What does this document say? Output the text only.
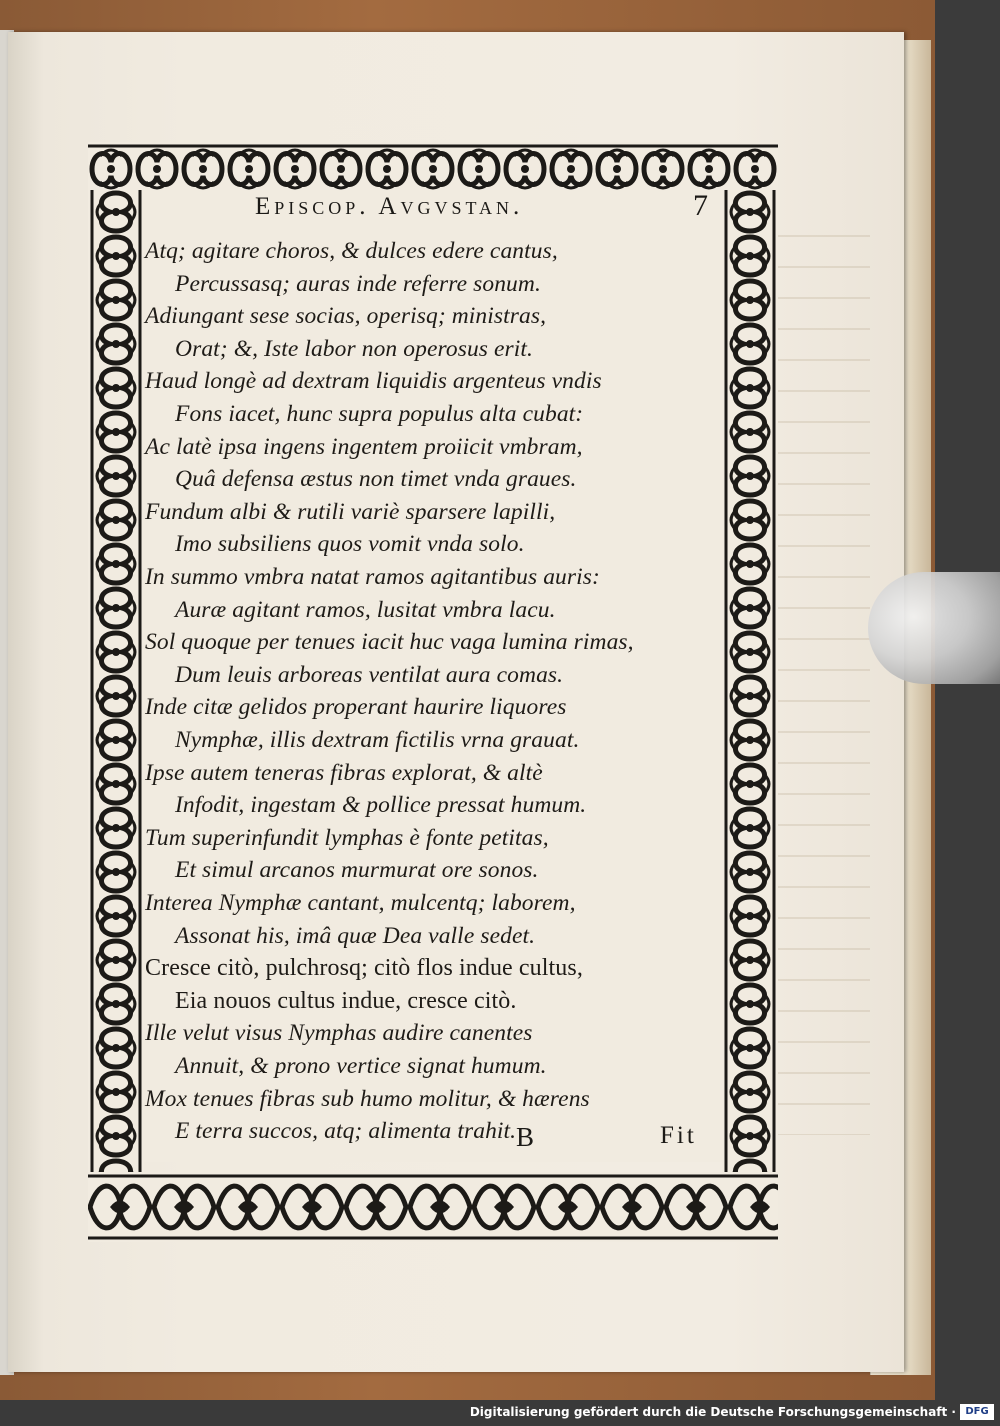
Episcop. Avgvstan.	7
Atq; agitare choros, & dulces edere cantus,
Percussasq; auras inde referre sonum.
Adiungant sese socias, operisq; ministras,
Orat; &, Iste labor non operosus erit.
Haud longè ad dextram liquidis argenteus vndis
Fons iacet, hunc supra populus alta cubat:
Ac latè ipsa ingens ingentem proiicit vmbram,
Quâ defensa æstus non timet vnda graues.
Fundum albi & rutili variè sparsere lapilli,
Imo subsiliens quos vomit vnda solo.
In summo vmbra natat ramos agitantibus auris:
Auræ agitant ramos, lusitat vmbra lacu.
Sol quoque per tenues iacit huc vaga lumina rimas,
Dum leuis arboreas ventilat aura comas.
Inde citæ gelidos properant haurire liquores
Nymphæ, illis dextram fictilis vrna grauat.
Ipse autem teneras fibras explorat, & altè
Infodit, ingestam & pollice pressat humum.
Tum superinfundit lymphas è fonte petitas,
Et simul arcanos murmurat ore sonos.
Interea Nymphæ cantant, mulcentq; laborem,
Assonat his, imâ quæ Dea valle sedet.
Cresce citò, pulchrosq; citò flos indue cultus,
Eia nouos cultus indue, cresce citò.
Ille velut visus Nymphas audire canentes
Annuit, & prono vertice signat humum.
Mox tenues fibras sub humo molitur, & hærens
E terra succos, atq; alimenta trahit. B	Fit
Digitalisierung gefördert durch die Deutsche Forschungsgemeinschaft · DFG
